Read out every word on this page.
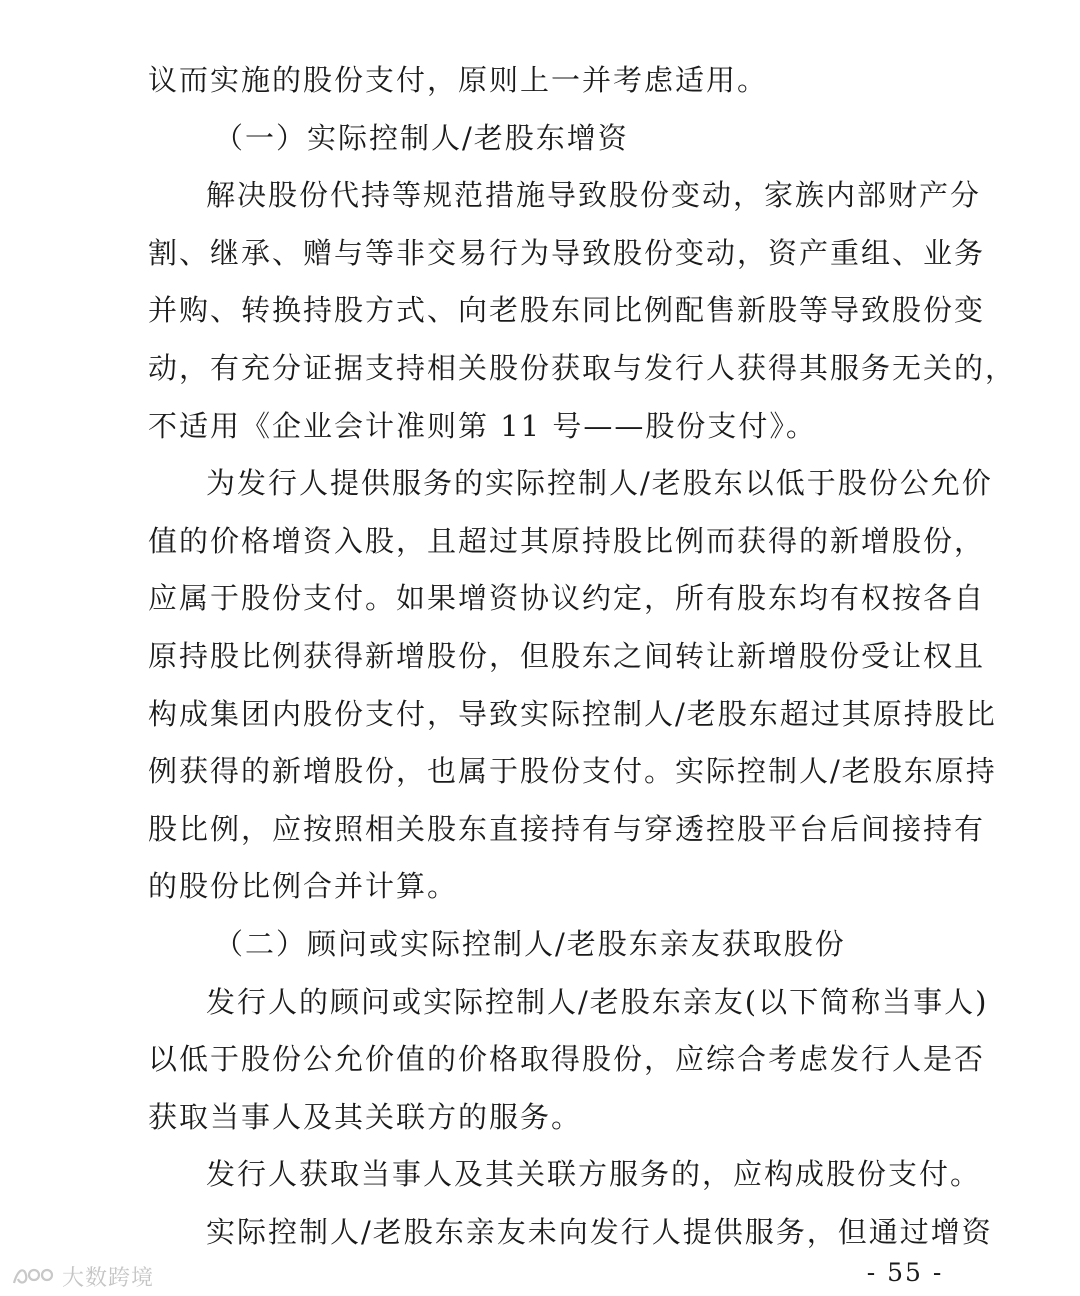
议而实施的股份支付，原则上一并考虑适用。
（一）实际控制人/老股东增资
解决股份代持等规范措施导致股份变动，家族内部财产分
割、继承、赠与等非交易行为导致股份变动，资产重组、业务
并购、转换持股方式、向老股东同比例配售新股等导致股份变
动，有充分证据支持相关股份获取与发行人获得其服务无关的，
不适用《企业会计准则第 11 号——股份支付》。
为发行人提供服务的实际控制人/老股东以低于股份公允价
值的价格增资入股，且超过其原持股比例而获得的新增股份，
应属于股份支付。如果增资协议约定，所有股东均有权按各自
原持股比例获得新增股份，但股东之间转让新增股份受让权且
构成集团内股份支付，导致实际控制人/老股东超过其原持股比
例获得的新增股份，也属于股份支付。实际控制人/老股东原持
股比例，应按照相关股东直接持有与穿透控股平台后间接持有
的股份比例合并计算。
（二）顾问或实际控制人/老股东亲友获取股份
发行人的顾问或实际控制人/老股东亲友(以下简称当事人)
以低于股份公允价值的价格取得股份，应综合考虑发行人是否
获取当事人及其关联方的服务。
发行人获取当事人及其关联方服务的，应构成股份支付。
实际控制人/老股东亲友未向发行人提供服务，但通过增资
大数跨境	- 55 -
